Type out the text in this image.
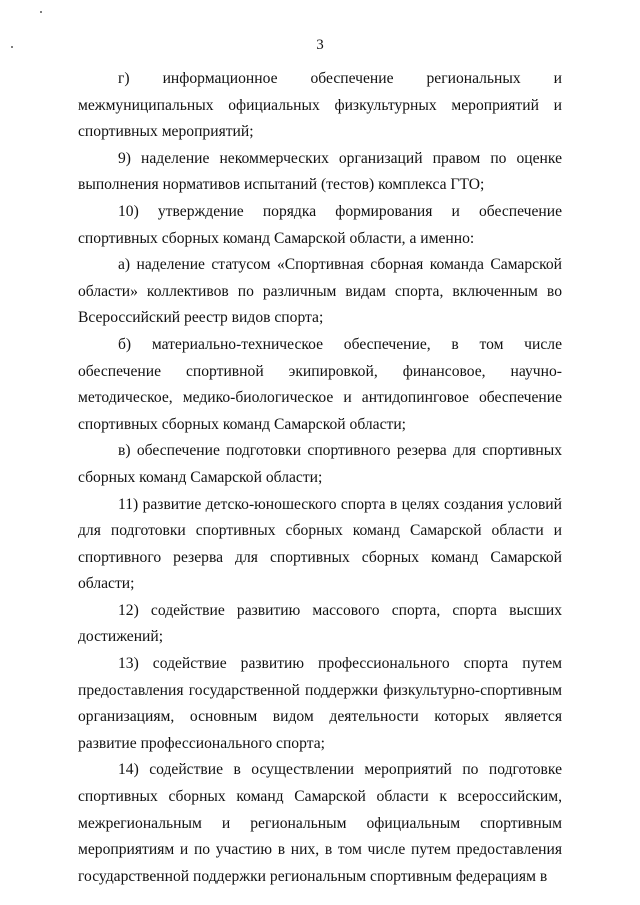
3

г) информационное обеспечение региональных и межмуниципальных официальных физкультурных мероприятий и спортивных мероприятий;

9) наделение некоммерческих организаций правом по оценке выполнения нормативов испытаний (тестов) комплекса ГТО;

10) утверждение порядка формирования и обеспечение спортивных сборных команд Самарской области, а именно:

а) наделение статусом «Спортивная сборная команда Самарской области» коллективов по различным видам спорта, включенным во Всероссийский реестр видов спорта;

б) материально-техническое обеспечение, в том числе обеспечение спортивной экипировкой, финансовое, научно-методическое, медико-биологическое и антидопинговое обеспечение спортивных сборных команд Самарской области;

в) обеспечение подготовки спортивного резерва для спортивных сборных команд Самарской области;

11) развитие детско-юношеского спорта в целях создания условий для подготовки спортивных сборных команд Самарской области и спортивного резерва для спортивных сборных команд Самарской области;

12) содействие развитию массового спорта, спорта высших достижений;

13) содействие развитию профессионального спорта путем предоставления государственной поддержки физкультурно-спортивным организациям, основным видом деятельности которых является развитие профессионального спорта;

14) содействие в осуществлении мероприятий по подготовке спортивных сборных команд Самарской области к всероссийским, межрегиональным и региональным официальным спортивным мероприятиям и по участию в них, в том числе путем предоставления государственной поддержки региональным спортивным федерациям в
